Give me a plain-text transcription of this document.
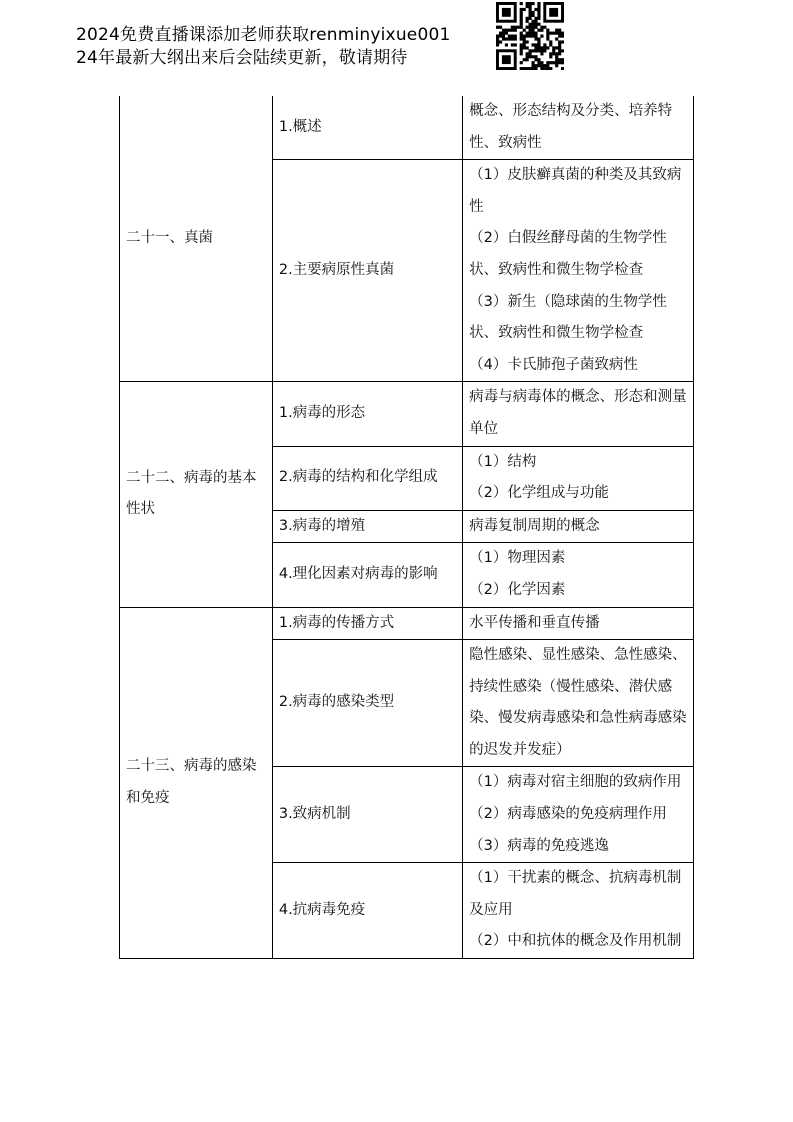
2024免费直播课添加老师获取renminyixue001
24年最新大纲出来后会陆续更新，敬请期待
二十一、真菌	1.概述	概念、形态结构及分类、培养特性、致病性

	2.主要病原性真菌	（1）皮肤癣真菌的种类及其致病性
（2）白假丝酵母菌的生物学性状、致病性和微生物学检查
（3）新生（隐球菌的生物学性状、致病性和微生物学检查
（4）卡氏肺孢子菌致病性

二十二、病毒的基本性状	1.病毒的形态	病毒与病毒体的概念、形态和测量单位

	2.病毒的结构和化学组成	（1）结构
（2）化学组成与功能

	3.病毒的增殖	病毒复制周期的概念

	4.理化因素对病毒的影响	（1）物理因素
（2）化学因素

二十三、病毒的感染和免疫	1.病毒的传播方式	水平传播和垂直传播

	2.病毒的感染类型	隐性感染、显性感染、急性感染、持续性感染（慢性感染、潜伏感染、慢发病毒感染和急性病毒感染的迟发并发症）

	3.致病机制	（1）病毒对宿主细胞的致病作用
（2）病毒感染的免疫病理作用
（3）病毒的免疫逃逸

	4.抗病毒免疫	（1）干扰素的概念、抗病毒机制及应用
（2）中和抗体的概念及作用机制
